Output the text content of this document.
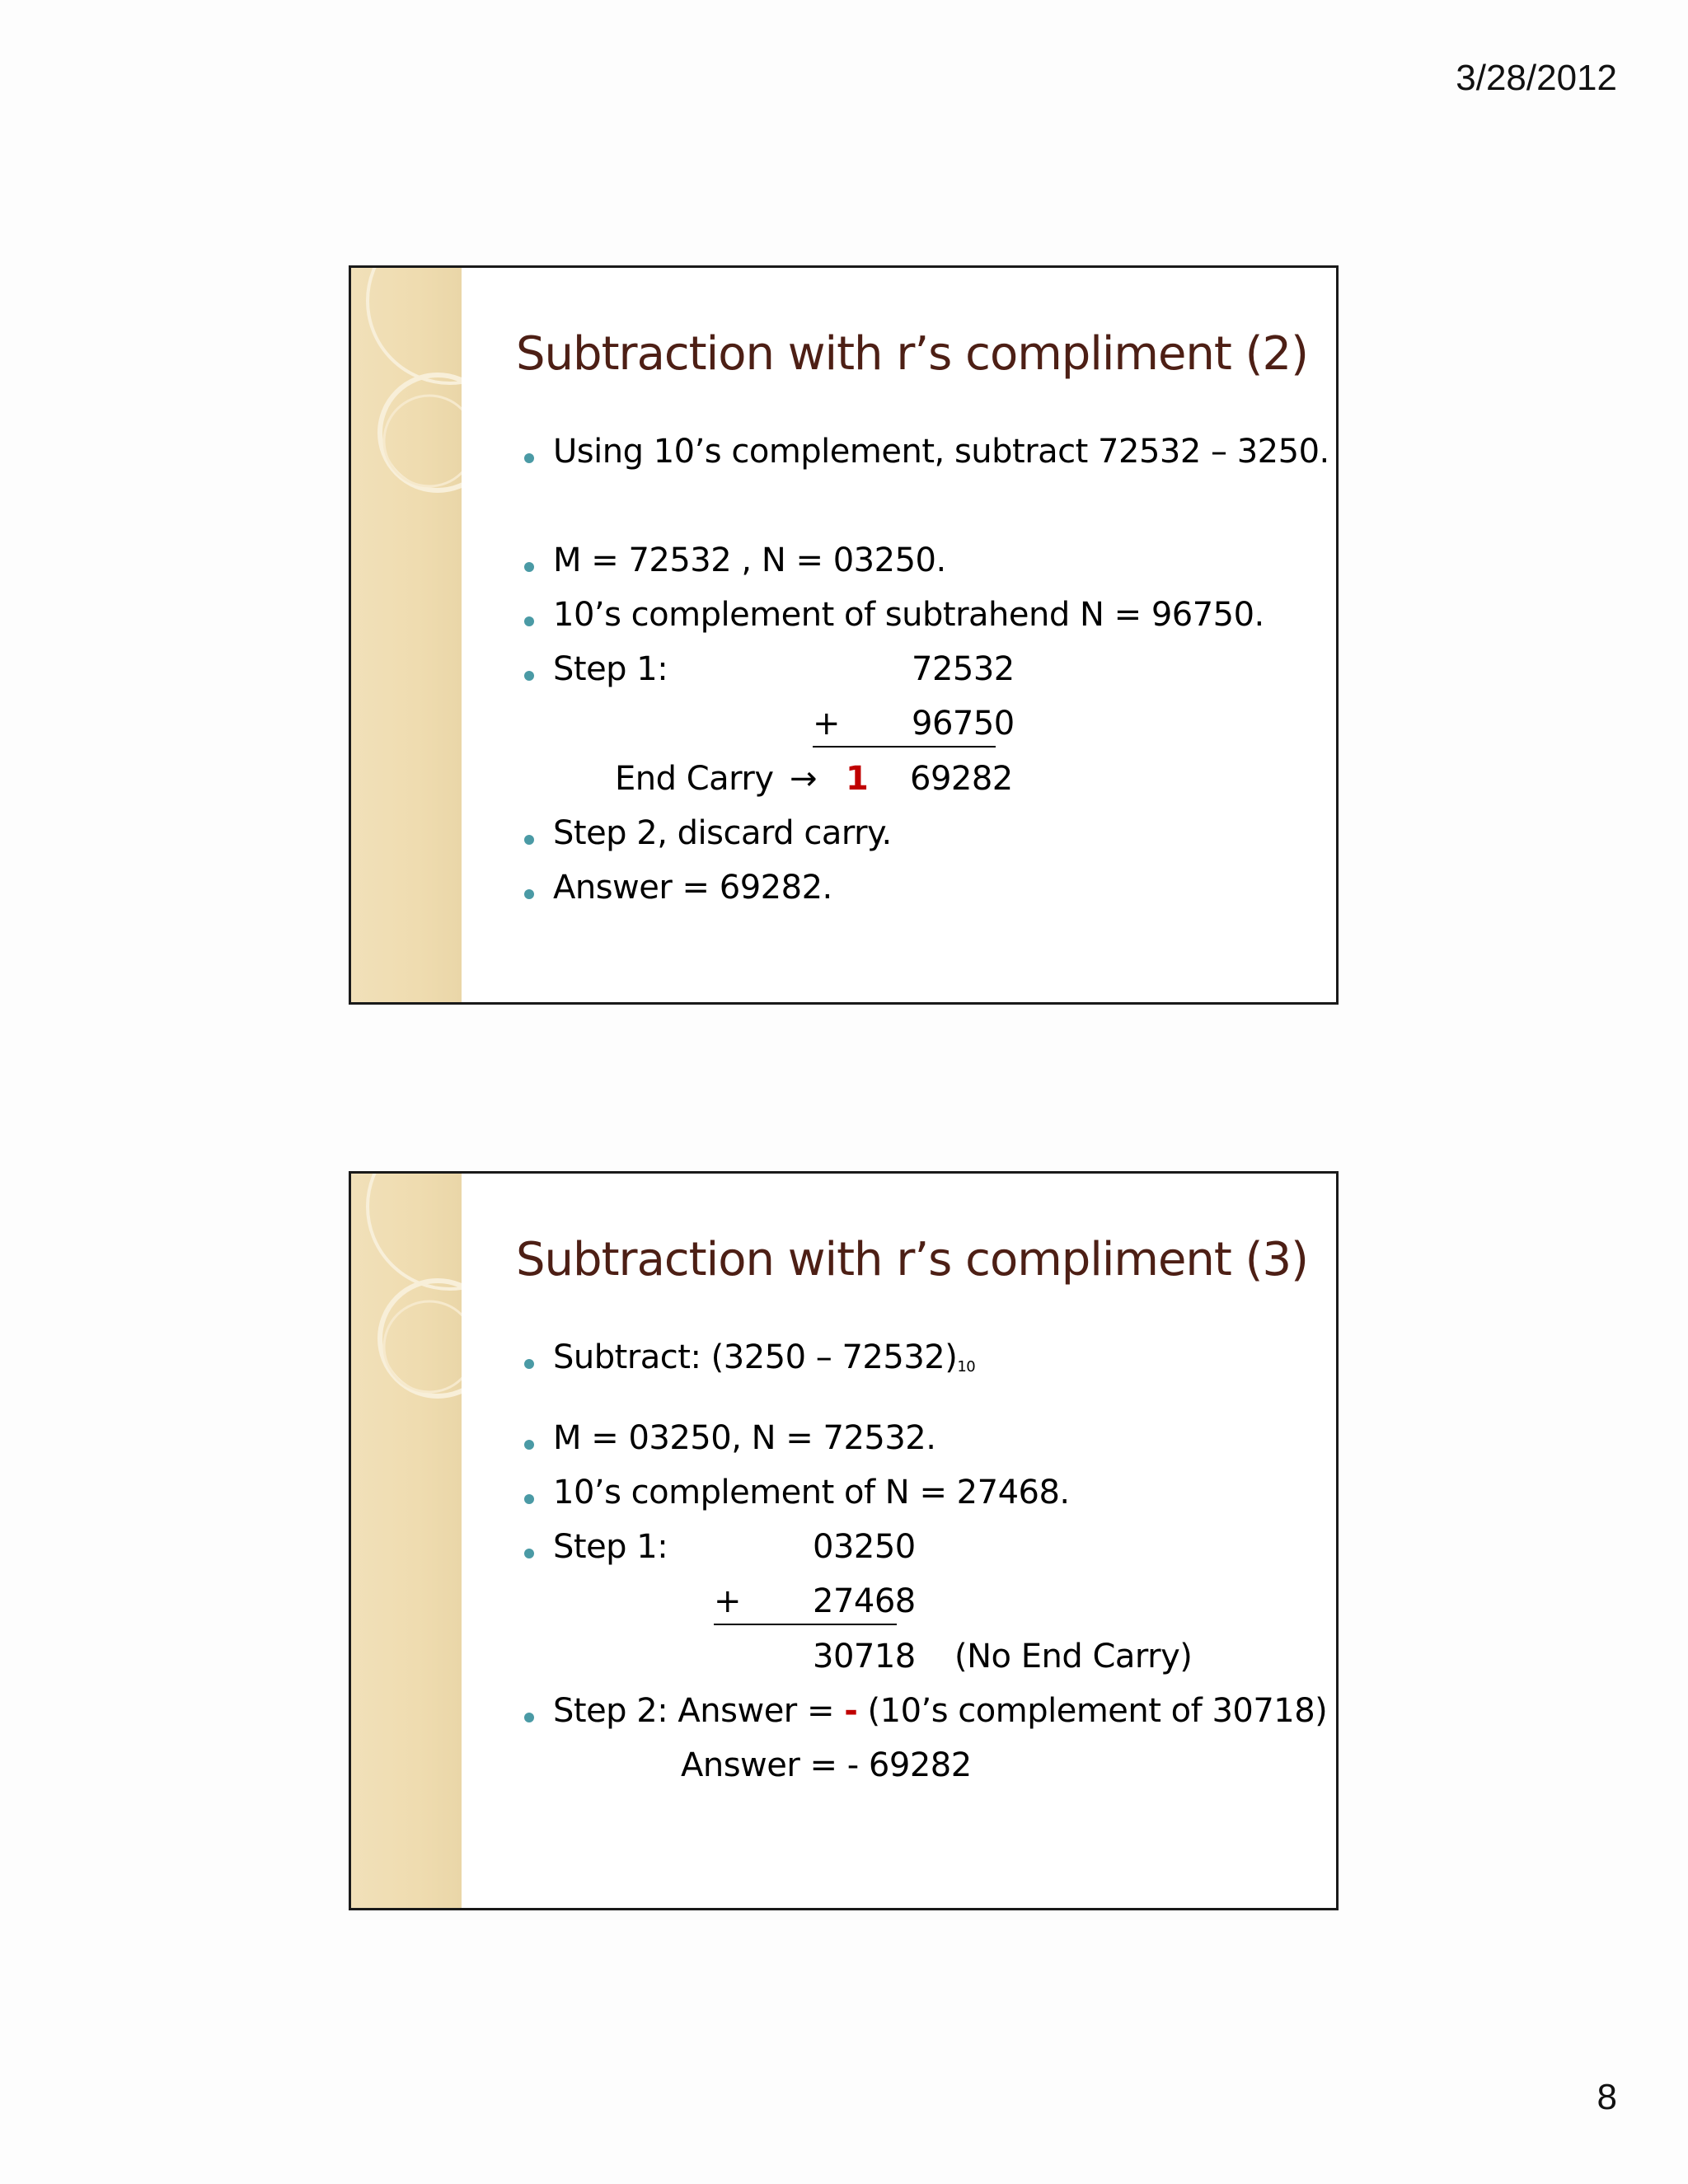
3/28/2012
Subtraction with r’s compliment (2)
Using 10’s complement, subtract 72532 – 3250.
M = 72532 , N = 03250.
10’s complement of subtrahend N = 96750.
Step 1:	72532
+ 96750
End Carry → 1 69282
Step 2, discard carry.
Answer = 69282.
Subtraction with r’s compliment (3)
Subtract: $(3250 - 72532)_{10}$
M = 03250, N = 72532.
10’s complement of N = 27468.
Step 1:	03250
+ 27468
30718 (No End Carry)
Step 2: Answer = - (10’s complement of 30718)
Answer = - 69282
8
